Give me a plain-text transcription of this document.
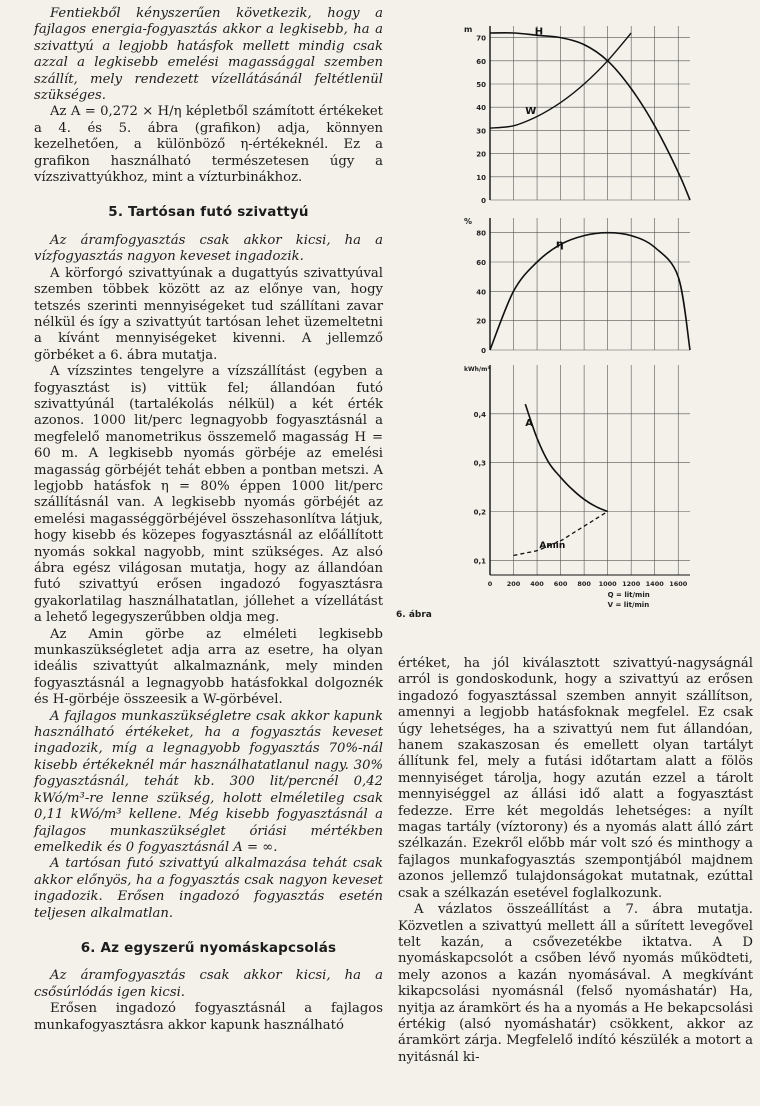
Fentiekből kényszerűen következik, hogy a fajlagos energia-fogyasztás akkor a legkisebb, ha a szivattyú a legjobb hatásfok mellett mindig csak azzal a legkisebb emelési magassággal szemben szállít, mely rendezett vízellátásánál feltétlenül szükséges.

Az A = 0,272 × H/η képletből számított értékeket a 4. és 5. ábra (grafikon) adja, könnyen kezelhetően, a különböző η-értékeknél. Ez a grafikon használható természetesen úgy a vízszivattyúkhoz, mint a vízturbinákhoz.

5. Tartósan futó szivattyú

Az áramfogyasztás csak akkor kicsi, ha a vízfogyasztás nagyon keveset ingadozik.

A körforgó szivattyúnak a dugattyús szivattyúval szemben többek között az az előnye van, hogy tetszés szerinti mennyiségeket tud szállítani zavar nélkül és így a szivattyút tartósan lehet üzemeltetni a kívánt mennyiségeket kivenni. A jellemző görbéket a 6. ábra mutatja.

A vízszintes tengelyre a vízszállítást (egyben a fogyasztást is) vittük fel; állandóan futó szivattyúnál (tartalékolás nélkül) a két érték azonos. 1000 lit/perc legnagyobb fogyasztásnál a megfelelő manometrikus összemelő magasság H = 60 m. A legkisebb nyomás görbéje az emelési magasság görbéjét tehát ebben a pontban metszi. A legjobb hatásfok η = 80% éppen 1000 lit/perc szállításnál van. A legkisebb nyomás görbéjét az emelési magasséggörbéjével összehasonlítva látjuk, hogy kisebb és közepes fogyasztásnál az előállított nyomás sokkal nagyobb, mint szükséges. Az alsó ábra egész világosan mutatja, hogy az állandóan futó szivattyú erősen ingadozó fogyasztásra gyakorlatilag használhatatlan, jóllehet a vízellátást a lehető legegyszerűbben oldja meg.

Az Amin görbe az elméleti legkisebb munkaszükségletet adja arra az esetre, ha olyan ideális szivattyút alkalmaznánk, mely minden fogyasztásnál a legnagyobb hatásfokkal dolgoznék és H-görbéje összeesik a W-görbével.

A fajlagos munkaszükségletre csak akkor kapunk használható értékeket, ha a fogyasztás keveset ingadozik, míg a legnagyobb fogyasztás 70%-nál kisebb értékeknél már használhatatlanul nagy. 30% fogyasztásnál, tehát kb. 300 lit/percnél 0,42 kWó/m³-re lenne szükség, holott elméletileg csak 0,11 kWó/m³ kellene. Még kisebb fogyasztásnál a fajlagos munkaszükséglet óriási mértékben emelkedik és 0 fogyasztásnál A = ∞.

A tartósan futó szivattyú alkalmazása tehát csak akkor előnyös, ha a fogyasztás csak nagyon keveset ingadozik. Erősen ingadozó fogyasztás esetén teljesen alkalmatlan.

6. Az egyszerű nyomáskapcsolás

Az áramfogyasztás csak akkor kicsi, ha a csősúrlódás igen kicsi.

Erősen ingadozó fogyasztásnál a fajlagos munkafogyasztásra akkor kapunk használható

70
60
50
40
30
20
10
0
m
80
60
40
20
0
%
0,4
0,3
0,2
0,1
kWh/m³
0 200 400 600 800 1000 1200 1400 1600
Q = lit/min
V = lit/min
H
W
η
A
Amin
6. ábra

értéket, ha jól kiválasztott szivattyú-nagyságnál arról is gondoskodunk, hogy a szivattyú az erősen ingadozó fogyasztással szemben annyit szállítson, amennyi a legjobb hatásfoknak megfelel. Ez csak úgy lehetséges, ha a szivattyú nem fut állandóan, hanem szakaszosan és emellett olyan tartályt állítunk fel, mely a futási időtartam alatt a fölös mennyiséget tárolja, hogy azután ezzel a tárolt mennyiséggel az állási idő alatt a fogyasztást fedezze. Erre két megoldás lehetséges: a nyílt magas tartály (víztorony) és a nyomás alatt álló zárt szélkazán. Ezekről előbb már volt szó és minthogy a fajlagos munkafogyasztás szempontjából majdnem azonos jellemző tulajdonságokat mutatnak, ezúttal csak a szélkazán esetével foglalkozunk.

A vázlatos összeállítást a 7. ábra mutatja. Közvetlen a szivattyú mellett áll a sűrített levegővel telt kazán, a csővezetékbe iktatva. A D nyomáskapcsolót a csőben lévő nyomás működteti, mely azonos a kazán nyomásával. A megkívánt kikapcsolási nyomásnál (felső nyomáshatár) Ha, nyitja az áramkört és ha a nyomás a He bekapcsolási értékig (alsó nyomáshatár) csökkent, akkor az áramkört zárja. Megfelelő indító készülék a motort a nyitásnál ki-
